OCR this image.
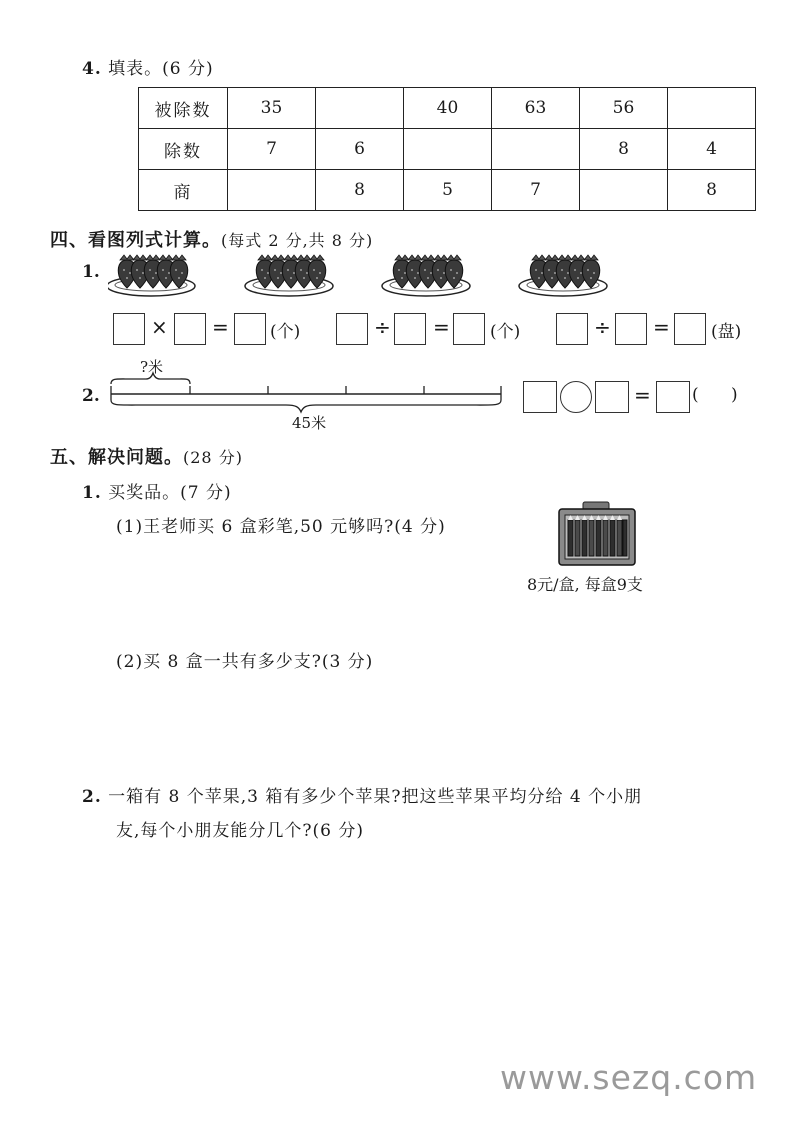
4. 填表。(6 分)
被除数	35		40	63	56	
除数	7	6			8	4
商		8	5	7		8
四、看图列式计算。(每式 2 分,共 8 分)
1.
× = (个)	÷ = (个)	÷ = (盘)
2.
?米
45米
= (      )
五、解决问题。(28 分)
1. 买奖品。(7 分)
(1)王老师买 6 盒彩笔,50 元够吗?(4 分)
8元/盒, 每盒9支
(2)买 8 盒一共有多少支?(3 分)
2. 一箱有 8 个苹果,3 箱有多少个苹果?把这些苹果平均分给 4 个小朋
友,每个小朋友能分几个?(6 分)
www.sezq.com
